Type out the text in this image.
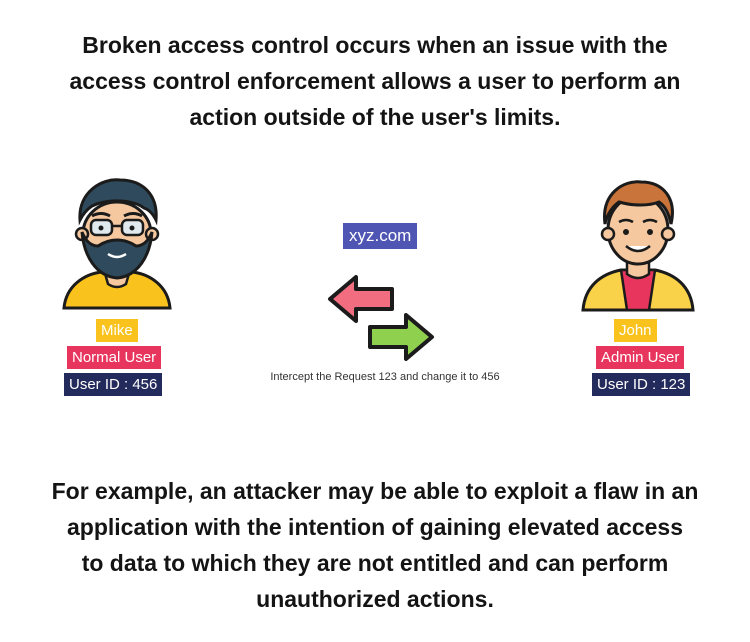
Broken access control occurs when an issue with the
access control enforcement allows a user to perform an
action outside of the user's limits.
Mike
Normal User
User ID : 456
xyz.com
Intercept the Request 123 and change it to 456
John
Admin User
User ID : 123
For example, an attacker may be able to exploit a flaw in an
application with the intention of gaining elevated access
to data to which they are not entitled and can perform
unauthorized actions.
